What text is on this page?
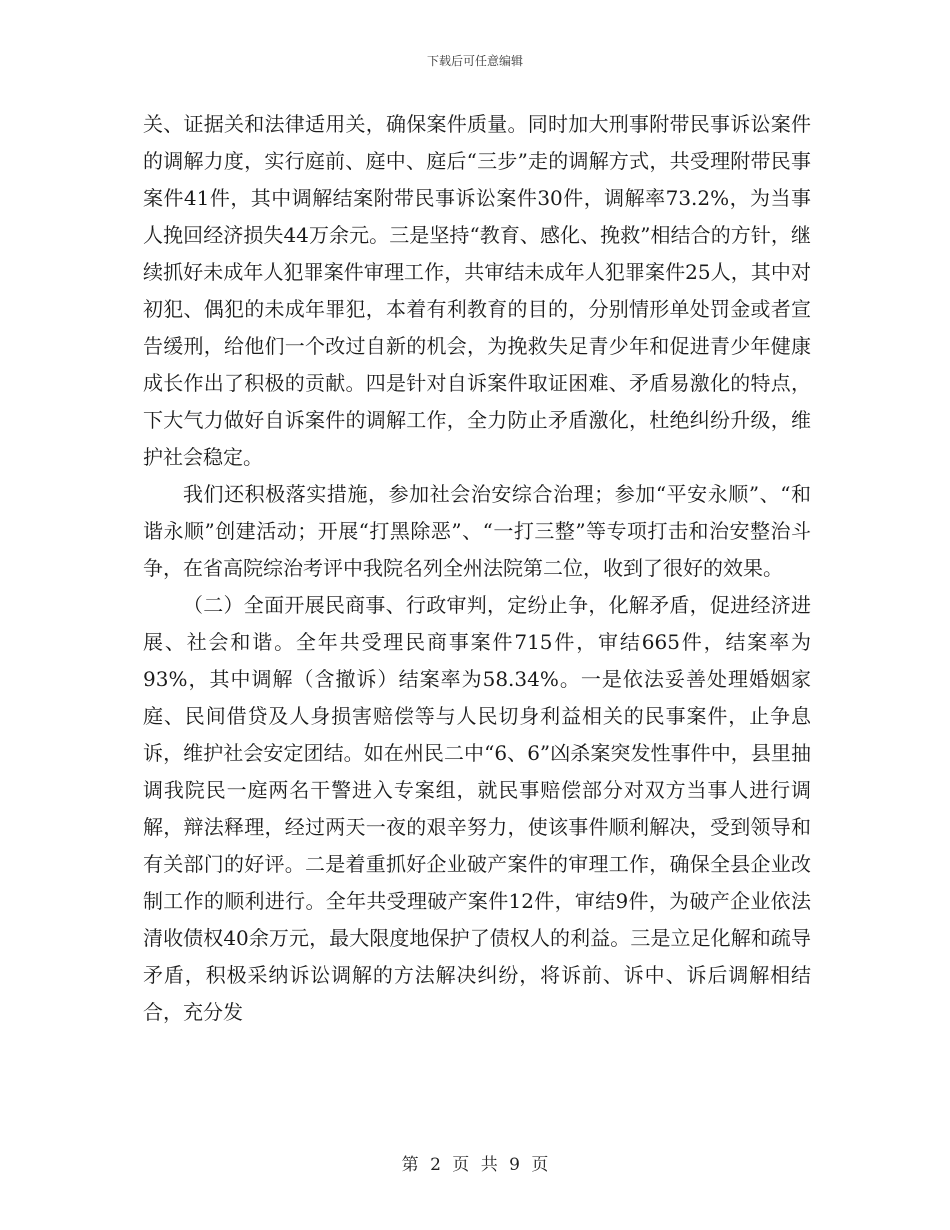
下载后可任意编辑

关、证据关和法律适用关，确保案件质量。同时加大刑事附带民事诉讼案件的调解力度，实行庭前、庭中、庭后“三步”走的调解方式，共受理附带民事案件41件，其中调解结案附带民事诉讼案件30件，调解率73.2%，为当事人挽回经济损失44万余元。三是坚持“教育、感化、挽救”相结合的方针，继续抓好未成年人犯罪案件审理工作，共审结未成年人犯罪案件25人，其中对初犯、偶犯的未成年罪犯，本着有利教育的目的，分别情形单处罚金或者宣告缓刑，给他们一个改过自新的机会，为挽救失足青少年和促进青少年健康成长作出了积极的贡献。四是针对自诉案件取证困难、矛盾易激化的特点，下大气力做好自诉案件的调解工作，全力防止矛盾激化，杜绝纠纷升级，维护社会稳定。

我们还积极落实措施，参加社会治安综合治理；参加“平安永顺”、“和谐永顺”创建活动；开展“打黑除恶”、“一打三整”等专项打击和治安整治斗争，在省高院综治考评中我院名列全州法院第二位，收到了很好的效果。

（二）全面开展民商事、行政审判，定纷止争，化解矛盾，促进经济进展、社会和谐。全年共受理民商事案件715件，审结665件，结案率为93%，其中调解（含撤诉）结案率为58.34%。一是依法妥善处理婚姻家庭、民间借贷及人身损害赔偿等与人民切身利益相关的民事案件，止争息诉，维护社会安定团结。如在州民二中“6、6”凶杀案突发性事件中，县里抽调我院民一庭两名干警进入专案组，就民事赔偿部分对双方当事人进行调解，辩法释理，经过两天一夜的艰辛努力，使该事件顺利解决，受到领导和有关部门的好评。二是着重抓好企业破产案件的审理工作，确保全县企业改制工作的顺利进行。全年共受理破产案件12件，审结9件，为破产企业依法清收债权40余万元，最大限度地保护了债权人的利益。三是立足化解和疏导矛盾，积极采纳诉讼调解的方法解决纠纷，将诉前、诉中、诉后调解相结合，充分发

第 2 页 共 9 页
